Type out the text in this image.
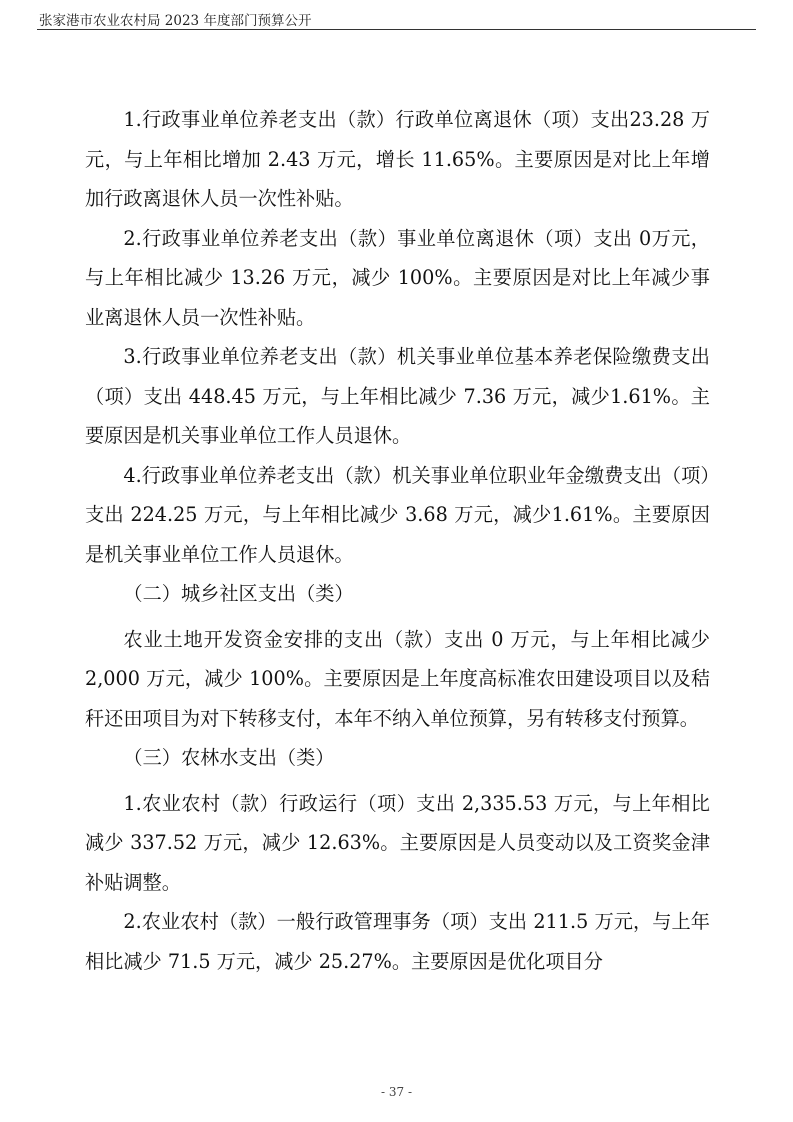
张家港市农业农村局 2023 年度部门预算公开

1.行政事业单位养老支出（款）行政单位离退休（项）支出23.28 万元，与上年相比增加 2.43 万元，增长 11.65%。主要原因是对比上年增加行政离退休人员一次性补贴。

2.行政事业单位养老支出（款）事业单位离退休（项）支出 0万元，与上年相比减少 13.26 万元，减少 100%。主要原因是对比上年减少事业离退休人员一次性补贴。

3.行政事业单位养老支出（款）机关事业单位基本养老保险缴费支出（项）支出 448.45 万元，与上年相比减少 7.36 万元，减少1.61%。主要原因是机关事业单位工作人员退休。

4.行政事业单位养老支出（款）机关事业单位职业年金缴费支出（项）支出 224.25 万元，与上年相比减少 3.68 万元，减少1.61%。主要原因是机关事业单位工作人员退休。

（二）城乡社区支出（类）

农业土地开发资金安排的支出（款）支出 0 万元，与上年相比减少 2,000 万元，减少 100%。主要原因是上年度高标准农田建设项目以及秸秆还田项目为对下转移支付，本年不纳入单位预算，另有转移支付预算。

（三）农林水支出（类）

1.农业农村（款）行政运行（项）支出 2,335.53 万元，与上年相比减少 337.52 万元，减少 12.63%。主要原因是人员变动以及工资奖金津补贴调整。

2.农业农村（款）一般行政管理事务（项）支出 211.5 万元，与上年相比减少 71.5 万元，减少 25.27%。主要原因是优化项目分

- 37 -
